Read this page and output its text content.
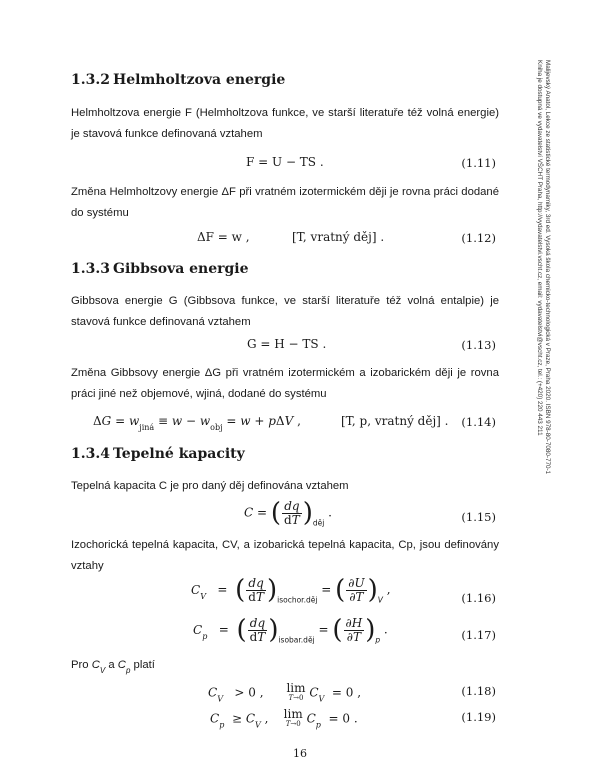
Malijevský Anatol, Lekce ze statistické termodynamiky, 3rd ed. Vysoká škola chemicko-technologická v Praze, Praha 2020. ISBN 978-80-7080-770-1
Kniha je dostupná ve vydavatelství VŠCHT Praha, http://vydavatelstvi.vscht.cz, email: vydavatelstvi@vscht.cz, tel.: (+420) 220 443 211
1.3.2 Helmholtzova energie
Helmholtzova energie F (Helmholtzova funkce, ve starší literatuře též volná energie) je stavová funkce definovaná vztahem
F = U − TS .	(1.11)
Změna Helmholtzovy energie ΔF při vratném izotermickém ději je rovna práci dodané do systému
ΔF = w ,	[T, vratný děj] .	(1.12)
1.3.3 Gibbsova energie
Gibbsova energie G (Gibbsova funkce, ve starší literatuře též volná entalpie) je stavová funkce definovaná vztahem
G = H − TS .	(1.13)
Změna Gibbsovy energie ΔG při vratném izotermickém a izobarickém ději je rovna práci jiné než objemové, wjiná, dodané do systému
$\Delta G = w_{jiná} \equiv w - w_{obj} = w + p\Delta V$ ,	[T, p, vratný děj] . (1.14)
1.3.4 Tepelné kapacity
Tepelná kapacita C je pro daný děj definována vztahem
C = ( $\frac{dq}{dT} )_{děj}$ .	(1.15)
Izochorická tepelná kapacita, CV, a izobarická tepelná kapacita, Cp, jsou definovány vztahy
$C_V$   =  ( $\frac{dq}{dT} )_{isochor.děj}$ = ( $\frac{\partial U}{\partial T} )_V$ ,
(1.16)
$C_p$   =  ( $\frac{dq}{dT} )_{isobar.děj}$ = ( $\frac{\partial H}{\partial T} )_p$ .	(1.17)
Pro $C_V$ a $C_p$ platí
$C_V > 0$ , lim
T→0 $C_V = 0$ ,	(1.18)
$C_p \ge C_V$ , lim
T→0 $C_p = 0$ .	(1.19)
16
